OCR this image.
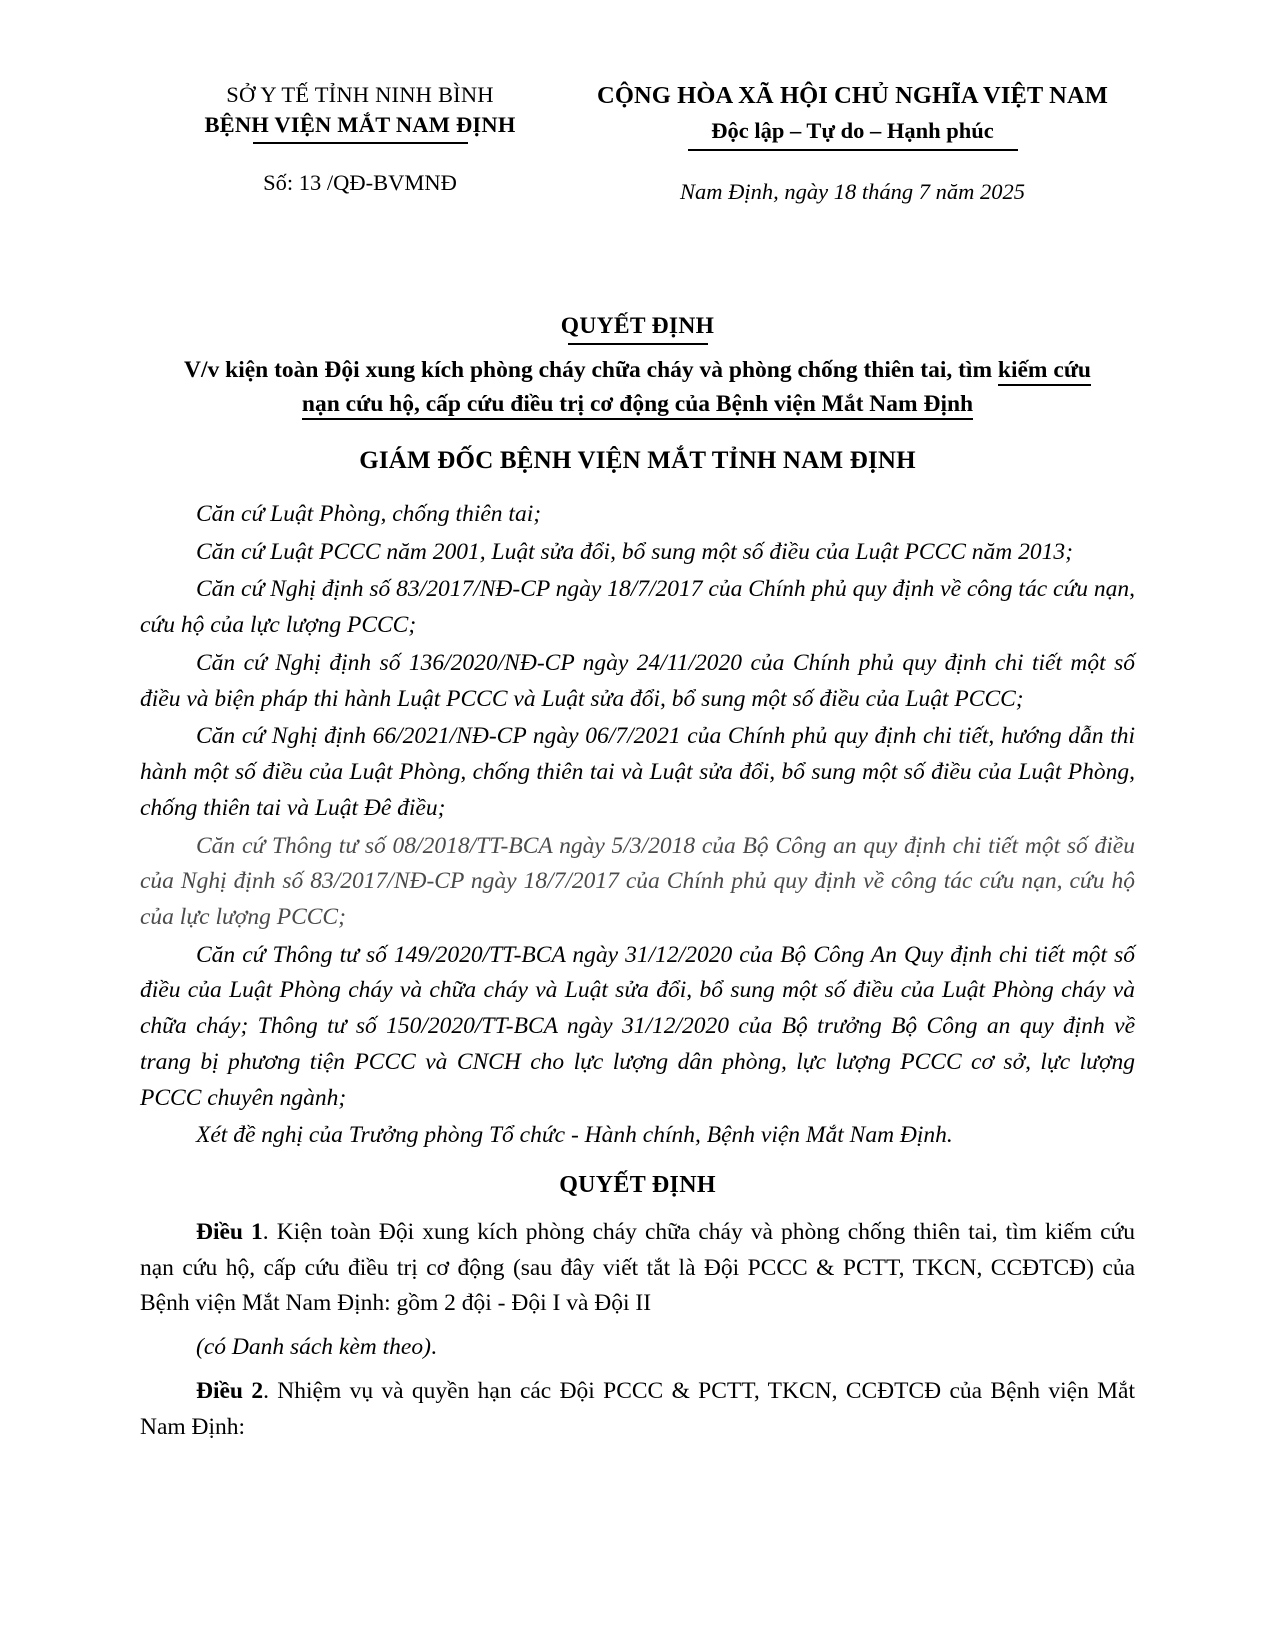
SỞ Y TẾ TỈNH NINH BÌNH
BỆNH VIỆN MẮT NAM ĐỊNH
Số: 13 /QĐ-BVMNĐ
CỘNG HÒA XÃ HỘI CHỦ NGHĨA VIỆT NAM
Độc lập – Tự do – Hạnh phúc
Nam Định, ngày 18 tháng 7 năm 2025
QUYẾT ĐỊNH
V/v kiện toàn Đội xung kích phòng cháy chữa cháy và phòng chống thiên tai, tìm kiếm cứu nạn cứu hộ, cấp cứu điều trị cơ động của Bệnh viện Mắt Nam Định
GIÁM ĐỐC BỆNH VIỆN MẮT TỈNH NAM ĐỊNH

Căn cứ Luật Phòng, chống thiên tai;

Căn cứ Luật PCCC năm 2001, Luật sửa đổi, bổ sung một số điều của Luật PCCC năm 2013;

Căn cứ Nghị định số 83/2017/NĐ-CP ngày 18/7/2017 của Chính phủ quy định về công tác cứu nạn, cứu hộ của lực lượng PCCC;

Căn cứ Nghị định số 136/2020/NĐ-CP ngày 24/11/2020 của Chính phủ quy định chi tiết một số điều và biện pháp thi hành Luật PCCC và Luật sửa đổi, bổ sung một số điều của Luật PCCC;

Căn cứ Nghị định 66/2021/NĐ-CP ngày 06/7/2021 của Chính phủ quy định chi tiết, hướng dẫn thi hành một số điều của Luật Phòng, chống thiên tai và Luật sửa đổi, bổ sung một số điều của Luật Phòng, chống thiên tai và Luật Đê điều;

Căn cứ Thông tư số 08/2018/TT-BCA ngày 5/3/2018 của Bộ Công an quy định chi tiết một số điều của Nghị định số 83/2017/NĐ-CP ngày 18/7/2017 của Chính phủ quy định về công tác cứu nạn, cứu hộ của lực lượng PCCC;

Căn cứ Thông tư số 149/2020/TT-BCA ngày 31/12/2020 của Bộ Công An Quy định chi tiết một số điều của Luật Phòng cháy và chữa cháy và Luật sửa đổi, bổ sung một số điều của Luật Phòng cháy và chữa cháy; Thông tư số 150/2020/TT-BCA ngày 31/12/2020 của Bộ trưởng Bộ Công an quy định về trang bị phương tiện PCCC và CNCH cho lực lượng dân phòng, lực lượng PCCC cơ sở, lực lượng PCCC chuyên ngành;

Xét đề nghị của Trưởng phòng Tổ chức - Hành chính, Bệnh viện Mắt Nam Định.

QUYẾT ĐỊNH

Điều 1. Kiện toàn Đội xung kích phòng cháy chữa cháy và phòng chống thiên tai, tìm kiếm cứu nạn cứu hộ, cấp cứu điều trị cơ động (sau đây viết tắt là Đội PCCC & PCTT, TKCN, CCĐTCĐ) của Bệnh viện Mắt Nam Định: gồm 2 đội - Đội I và Đội II

(có Danh sách kèm theo).

Điều 2. Nhiệm vụ và quyền hạn các Đội PCCC & PCTT, TKCN, CCĐTCĐ của Bệnh viện Mắt Nam Định:
